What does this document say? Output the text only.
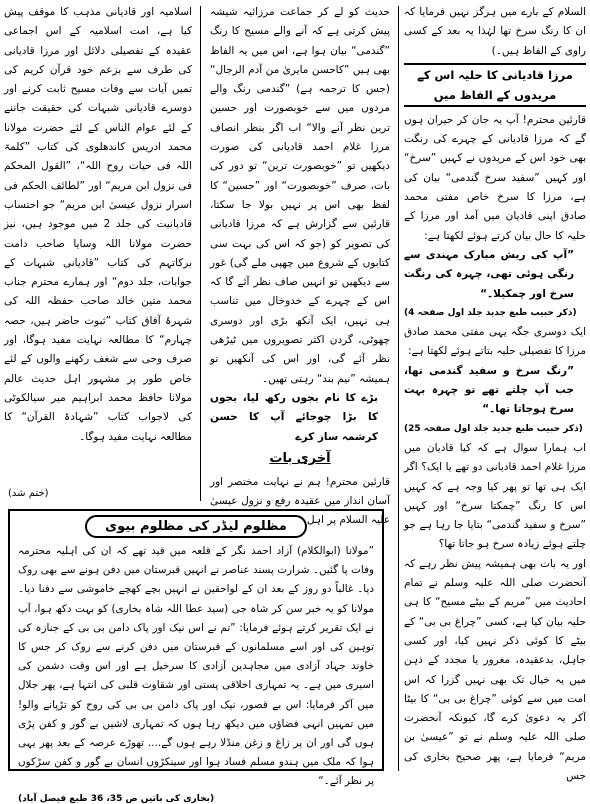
السلام کے بارے میں ہرگز نہیں فرمایا کہ ان کا رنگ سرخ تھا لہٰذا یہ بعد کے کسی راوی کے الفاظ ہیں۔)

مرزا قادیانی کا حلیہ اس کے مریدوں کے الفاظ میں

قارئین محترم! آپ یہ جان کر حیران ہوں گے کہ مرزا قادیانی کے چہرے کی رنگت بھی خود اس کے مریدوں نے کہیں ”سرخ“ اور کہیں ”سفید سرخ گندمی“ بیان کی ہے، مرزا کا سرخ خاص مفتی محمد صادق اپنی قادیان میں آمد اور مرزا کے حلیہ کا حال بیان کرتے ہوئے لکھتا ہے:

”آپ کی ریش مبارک مہندی سے رنگی ہوئی تھی، چہرہ کی رنگت سرخ اور چمکیلا۔“

(ذکر حبیب طبع جدید جلد اول صفحہ 4)

ایک دوسری جگہ یہی مفتی محمد صادق مرزا کا تفصیلی حلیہ بتاتے ہوئے لکھتا ہے:

”رنگ سرخ و سفید گندمی تھا، جب آپ چلتے تھے تو چہرہ بہت سرخ ہوجاتا تھا۔“

(ذکر حبیب طبع جدید جلد اول صفحہ 25)

اب ہمارا سوال ہے کہ کیا قادیان میں مرزا غلام احمد قادیانی دو تھے یا ایک؟ اگر ایک ہی تھا تو پھر کیا وجہ ہے کہ کہیں اس کا رنگ ”چمکتا سرخ“ اور کہیں ”سرخ و سفید گندمی“ بتایا جا رہا ہے جو چلتے ہوئے زیادہ سرخ ہو جاتا تھا؟

اور یہ بات بھی ہمیشہ پیش نظر رہے کہ آنحضرت صلی اللہ علیہ وسلم نے تمام احادیث میں ”مریم کے بیٹے مسیح“ کا ہی حلیہ بیان کیا ہے، کسی ”چراغ بی بی“ کے بیٹے کا کوئی ذکر نہیں کیا، اور کسی جاہل، بدعقیدہ، مغرور یا مجدد کے ذہن میں یہ خیال تک بھی نہیں گزرا کہ اس امت میں سے کوئی ”چراغ بی بی“ کا بیٹا آکر یہ دعویٰ کرے گا، کیونکہ آنحضرت صلی اللہ علیہ وسلم نے تو ”عیسیٰ بن مریم“ فرمایا ہے، پھر صحیح بخاری کی جس

حدیث کو لے کر جماعت مرزائیہ شیشہ پیش کرتی ہے کہ آنے والے مسیح کا رنگ ”گندمی“ بیان ہوا ہے، اس میں یہ الفاظ بھی ہیں ”کاحسن مایریٰ من آدم الرجال“ (جس کا ترجمہ ہے) ”گندمی رنگ والے مردوں میں سے خوبصورت اور حسین ترین نظر آنے والا“ اب اگر بنظر انصاف مرزا غلام احمد قادیانی کی صورت دیکھیں تو ”خوبصورت ترین“ تو دور کی بات، صرف ”خوبصورت“ اور ”حسین“ کا لفظ بھی اس پر نہیں بولا جا سکتا، قارئین سے گزارش ہے کہ مرزا قادیانی کی تصویر کو (جو کہ اس کی بہت سی کتابوں کے شروع میں چھپی ملے گی) غور سے دیکھیں تو انہیں صاف نظر آئے گا کہ اس کے چہرے کے خدوخال میں تناسب ہی نہیں، ایک آنکھ بڑی اور دوسری چھوٹی، گردن اکثر تصویروں میں ٹیڑھی نظر آئے گی، اور اس کی آنکھیں تو ہمیشہ ”نیم بند“ رہتی تھیں۔

بڑے کا نام بجوں رکھ لیا، بجوں کا بڑا چوجائے آپ کا حسن کرشمہ ساز کرے

آخری بات

قارئین محترم! ہم نے نہایت مختصر اور آسان انداز میں عقیدہ رفع و نزول عیسیٰ علیہ السلام پر اہل

اسلامیہ اور قادیانی مذہب کا موقف پیش کیا ہے، امت اسلامیہ کے اس اجماعی عقیدہ کے تفصیلی دلائل اور مرزا قادیانی کی طرف سے بزعم خود قرآن کریم کی تمیں آیات سے وفات مسیح ثابت کرنے اور دوسرے قادیانی شبہات کی حقیقت جاننے کے لئے عوام الناس کے لئے حضرت مولانا محمد ادریس کاندھلوی کی کتاب ”کلمۃ اللہ فی حیات روح اللہ“، ”القول المحکم فی نزول ابن مریم“ اور ”لطائف الحکم فی اسرار نزول عیسیٰ ابن مریم“ جو احتساب قادیانیت کی جلد 2 میں موجود ہیں، نیز حضرت مولانا اللہ وسایا صاحب دامت برکاتہم کی کتاب ”قادیانی شبہات کے جوابات، جلد دوم“ اور ہمارے محترم جناب محمد متین خالد صاحب حفظہ اللہ کی شہرۂ آفاق کتاب ”ثبوت حاضر ہیں، حصہ چہارم“ کا مطالعہ نہایت مفید ہوگا، اور صرف وحی سے شغف رکھنے والوں کے لئے خاص طور پر مشہور اہل حدیث عالم مولانا حافظ محمد ابراہیم میر سیالکوٹی کی لاجواب کتاب ”شہادۃ القرآن“ کا مطالعہ نہایت مفید ہوگا۔

(ختم شد)
مظلوم لیڈر کی مظلوم بیوی

”مولانا (ابوالکلام) آزاد احمد نگر کے قلعہ میں قید تھے کہ ان کی اہلیہ محترمہ وفات پا گئیں۔ شرارت پسند عناصر نے انہیں قبرستان میں دفن ہونے سے بھی روک دیا۔ غالباً دو روز کے بعد ان کے لواحقین نے انہیں بچے کھچے خاموشی سے دفنا دیا۔ مولانا کو یہ خبر سن کر شاہ جی (سید عطا اللہ شاہ بخاری) کو بہت دکھ ہوا، آپ نے ایک تقریر کرتے ہوئے فرمایا: ”تم نے اس نیک اور پاک دامن بی بی کے جنازہ کی توہین کی اور اسے مسلمانوں کے قبرستان میں دفن کرنے سے روک کر جس کا خاوند جہاد آزادی میں مجاہدین آزادی کا سرخیل ہے اور اس وقت دشمن کی اسیری میں ہے۔ یہ تمہاری اخلاقی پستی اور شقاوت قلبی کی انتہا ہے، پھر جلال میں آکر فرمایا: اس بے قصور، نیک اور پاک دامن بی بی کی روح کو تڑپانے والو! میں تمہیں انہی فضاؤں میں دیکھ رہا ہوں کہ تمہاری لاشیں بے گور و کفن پڑی ہوں گی اور ان پر زاغ و زغن منڈلا رہے ہوں گے.... تھوڑے عرصہ کے بعد پھر یہی ہوا کہ ملک میں ہندو مسلم فساد ہوا اور سینکڑوں انسان بے گور و کفن سڑکوں پر نظر آئے۔“

(بخاری کی باتیں ص 35، 36 طبع فیصل آباد)
